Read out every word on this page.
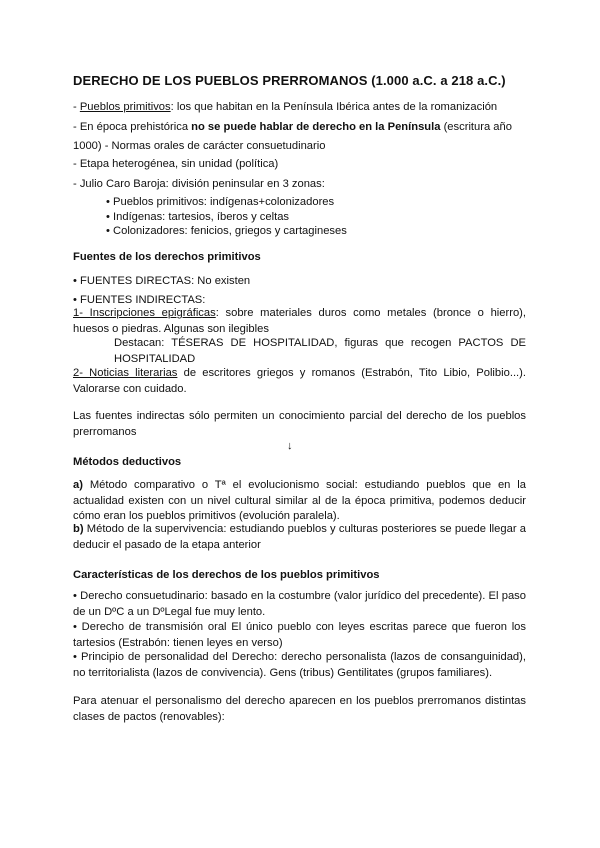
DERECHO DE LOS PUEBLOS PRERROMANOS (1.000 a.C. a 218 a.C.)
- Pueblos primitivos: los que habitan en la Península Ibérica antes de la romanización
- En época prehistórica no se puede hablar de derecho en la Península (escritura año
1000) - Normas orales de carácter consuetudinario
- Etapa heterogénea, sin unidad (política)
- Julio Caro Baroja: división peninsular en 3 zonas:
• Pueblos primitivos: indígenas+colonizadores
• Indígenas: tartesios, íberos y celtas
• Colonizadores: fenicios, griegos y cartagineses
Fuentes de los derechos primitivos
• FUENTES DIRECTAS: No existen
• FUENTES INDIRECTAS:
1- Inscripciones epigráficas: sobre materiales duros como metales (bronce o hierro), huesos o piedras. Algunas son ilegibles
Destacan: TÉSERAS DE HOSPITALIDAD, figuras que recogen PACTOS DE HOSPITALIDAD
2- Noticias literarias de escritores griegos y romanos (Estrabón, Tito Libio, Polibio...). Valorarse con cuidado.
Las fuentes indirectas sólo permiten un conocimiento parcial del derecho de los pueblos prerromanos
↓
Métodos deductivos
a) Método comparativo o Tª el evolucionismo social: estudiando pueblos que en la actualidad existen con un nivel cultural similar al de la época primitiva, podemos deducir cómo eran los pueblos primitivos (evolución paralela).
b) Método de la supervivencia: estudiando pueblos y culturas posteriores se puede llegar a deducir el pasado de la etapa anterior
Características de los derechos de los pueblos primitivos
• Derecho consuetudinario: basado en la costumbre (valor jurídico del precedente). El paso de un DºC a un DºLegal fue muy lento.
• Derecho de transmisión oral El único pueblo con leyes escritas parece que fueron los tartesios (Estrabón: tienen leyes en verso)
• Principio de personalidad del Derecho: derecho personalista (lazos de consanguinidad), no territorialista (lazos de convivencia). Gens (tribus) Gentilitates (grupos familiares).
Para atenuar el personalismo del derecho aparecen en los pueblos prerromanos distintas clases de pactos (renovables):
